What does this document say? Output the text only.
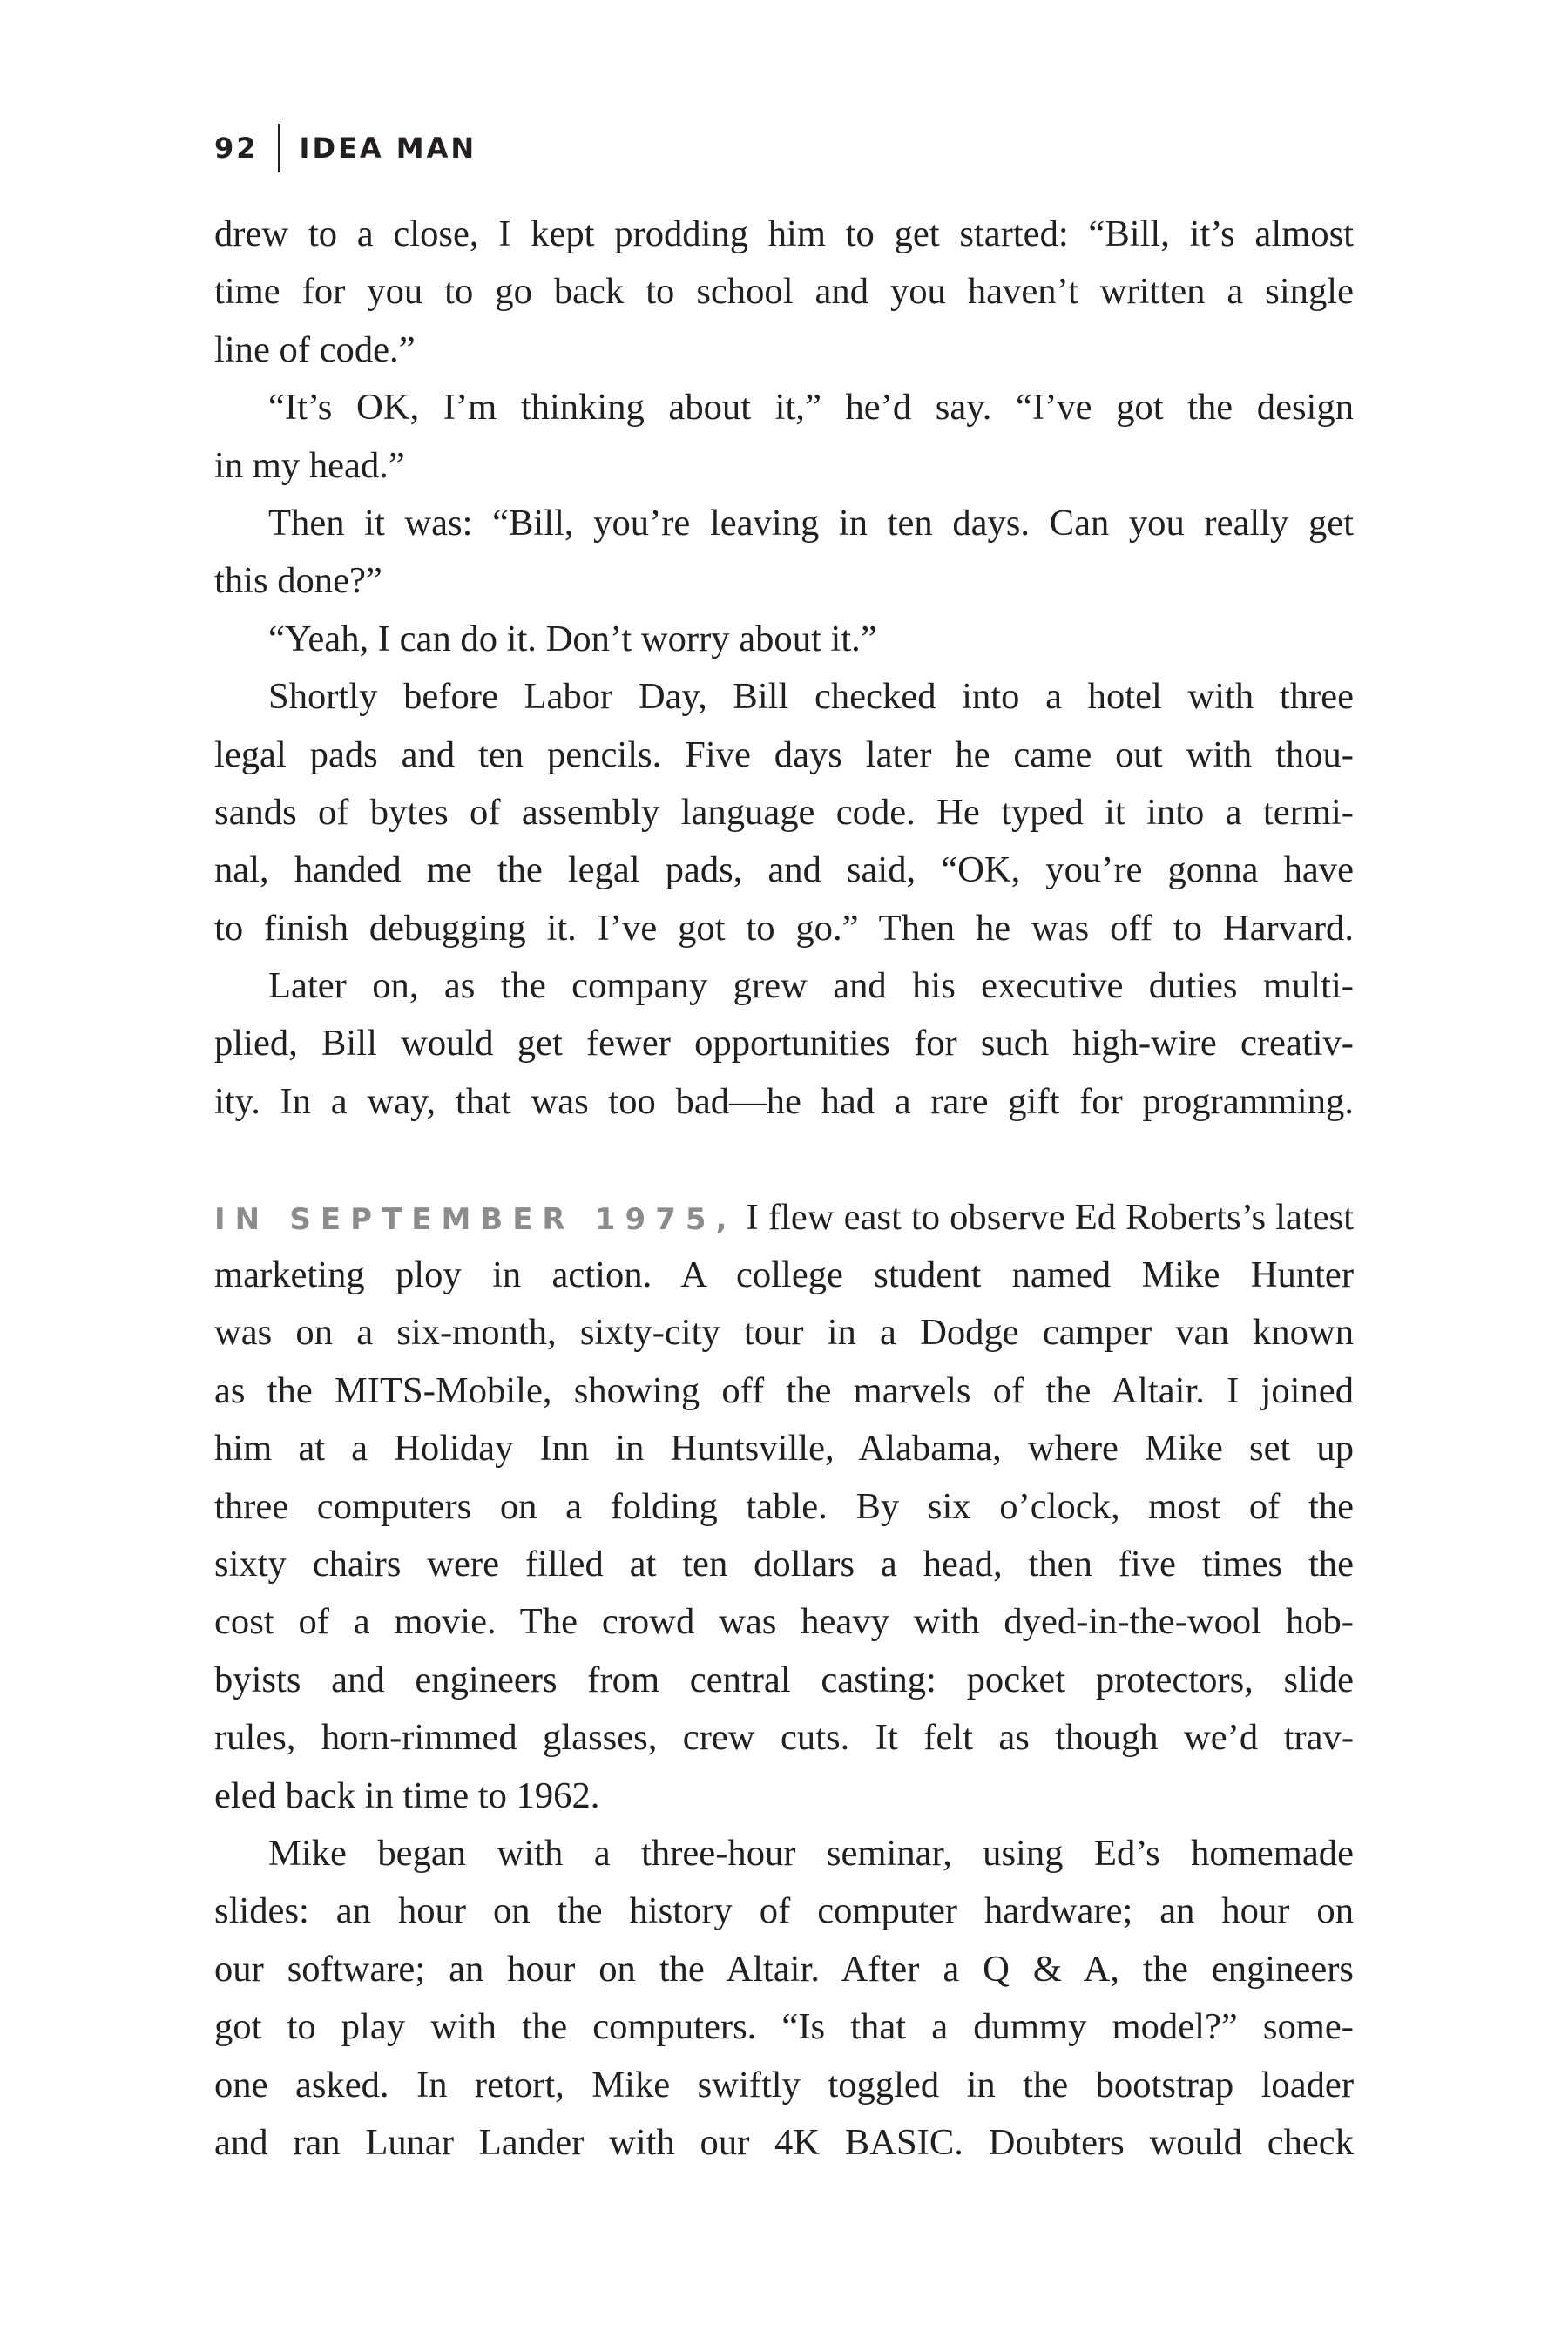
92 IDEA MAN
drew to a close, I kept prodding him to get started: “Bill, it’s almost
time for you to go back to school and you haven’t written a single
line of code.”
“It’s OK, I’m thinking about it,” he’d say. “I’ve got the design
in my head.”
Then it was: “Bill, you’re leaving in ten days. Can you really get
this done?”
“Yeah, I can do it. Don’t worry about it.”
Shortly before Labor Day, Bill checked into a hotel with three
legal pads and ten pencils. Five days later he came out with thou-
sands of bytes of assembly language code. He typed it into a termi-
nal, handed me the legal pads, and said, “OK, you’re gonna have
to finish debugging it. I’ve got to go.” Then he was off to Harvard.
Later on, as the company grew and his executive duties multi-
plied, Bill would get fewer opportunities for such high-wire creativ-
ity. In a way, that was too bad—he had a rare gift for programming.
IN SEPTEMBER 1975, I flew east to observe Ed Roberts’s latest
marketing ploy in action. A college student named Mike Hunter
was on a six-month, sixty-city tour in a Dodge camper van known
as the MITS-Mobile, showing off the marvels of the Altair. I joined
him at a Holiday Inn in Huntsville, Alabama, where Mike set up
three computers on a folding table. By six o’clock, most of the
sixty chairs were filled at ten dollars a head, then five times the
cost of a movie. The crowd was heavy with dyed-in-the-wool hob-
byists and engineers from central casting: pocket protectors, slide
rules, horn-rimmed glasses, crew cuts. It felt as though we’d trav-
eled back in time to 1962.
Mike began with a three-hour seminar, using Ed’s homemade
slides: an hour on the history of computer hardware; an hour on
our software; an hour on the Altair. After a Q & A, the engineers
got to play with the computers. “Is that a dummy model?” some-
one asked. In retort, Mike swiftly toggled in the bootstrap loader
and ran Lunar Lander with our 4K BASIC. Doubters would check
